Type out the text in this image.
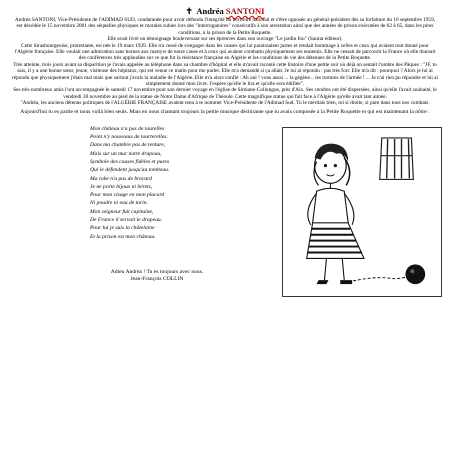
✝ Andréa SANTONI

Andréa SANTONI, Vice-Présidente de l'ADIMAD SUD, condamnée pour avoir défendu l'intégrité du territoire national et s'être opposée au général-président dès sa forfaiture du 16 septembre 1959, est décédée le 15 novembre 2001 des séquelles physiques et morales subies lors des "interrogatoires" consécutifs à son arrestation ainsi que des années de prison exécutées de 62 à 65, dans les pires conditions, à la prison de la Petite Roquette.

Elle avait livré un témoignage bouleversant sur ses épreuves dans son ouvrage "Le jardin fou" (Saurat éditeur).

Cette Strasbourgeoise, protestante, est née le 19 mars 1939. Elle n'a cessé de s'engager dans les causes qui lui paraissaient justes et rendait hommage à celles et ceux qui avaient tout donné pour l'Algérie française. Elle voulait une admiration sans bornes aux martyrs de notre cause et à ceux qui avaient combattu physiquement ses ennemis. Elle ne cessait de parcourir la France où elle donnait des conférences très applaudies sur ce que fut la résistance française en Algérie et les conditions de vie des détenues de la Petite Roquette.

Très atteinte, trois jours avant sa disparition je l'avais appelée au téléphone dans sa chambre d'hôpital et elle m'avait raconté cette histoire d'une petite soir où déjà on sentait l'ombre des Pâques : "JF, tu sais, il y a une bonne sœur, jeune, visiteuse des hôpitaux, qui est venue ce matin pour me parler. Elle m'a demandé si ça allait. Je lui ai répondu : pas très fort. Elle m'a dit : pourquoi ? Alors je lui ai répondu que physiquement j'étais mal mais que surtout j'avais la maladie de l'Algérie. Elle m'a alors confié : Ah oui ! vous aussi ... la gégène... les tortures de l'armée ! ... Je n'ai rien pu répondre et lui ai simplement donné mon livre. J'espère qu'elle le lira et qu'elle sera édifiée".

Ses très nombreux amis l'ont accompagnée le samedi 17 novembre pour son dernier voyage en l'église de Simiane-Collongue, près d'Aix. Ses cendres ont été dispersées, ainsi qu'elle l'avait souhaité, le vendredi 30 novembre au pied de la statue de Notre Dame d'Afrique de Théoule. Cette magnifique statue qui fait face à l'Algérie qu'elle avait tant aimée.

"Andréa, les anciens détenus politiques de l'ALGÉRIE FRANÇAISE avaient tenu à te nommer Vice-Présidente de l'Adimad Sud. Tu le méritais bien, toi si droite, si pure dans tous nos combats.

Aujourd'hui tu es partie et nous voilà bien seuls. Mais en nous chantant toujours la petite musique déchirante que tu avais composée à la Petite Roquette et qui est maintenant la nôtre :

Mon château n'a pas de tourelles
Point n'y nouveaux de tourterelles.
Dans ma chambre pas de tenture,
Mais sur un mur notre drapeau,
Symbole des causes fidèles et pures
Qui le défendent jusqu'au tombeau.
Ma robe n'a pas de brocard
Je ne porte bijoux ni bérets,
Pour mon visage en mon placard
Ni poudre ni eau de tarin.
Mon seigneur fuit capitaine,
De France il servait le drapeau.
Pour lui je suis la châtelaine
Et la prison est mon château.
Adieu Andréa ! Tu es toujours avec nous.
Jean-François COLLIN
